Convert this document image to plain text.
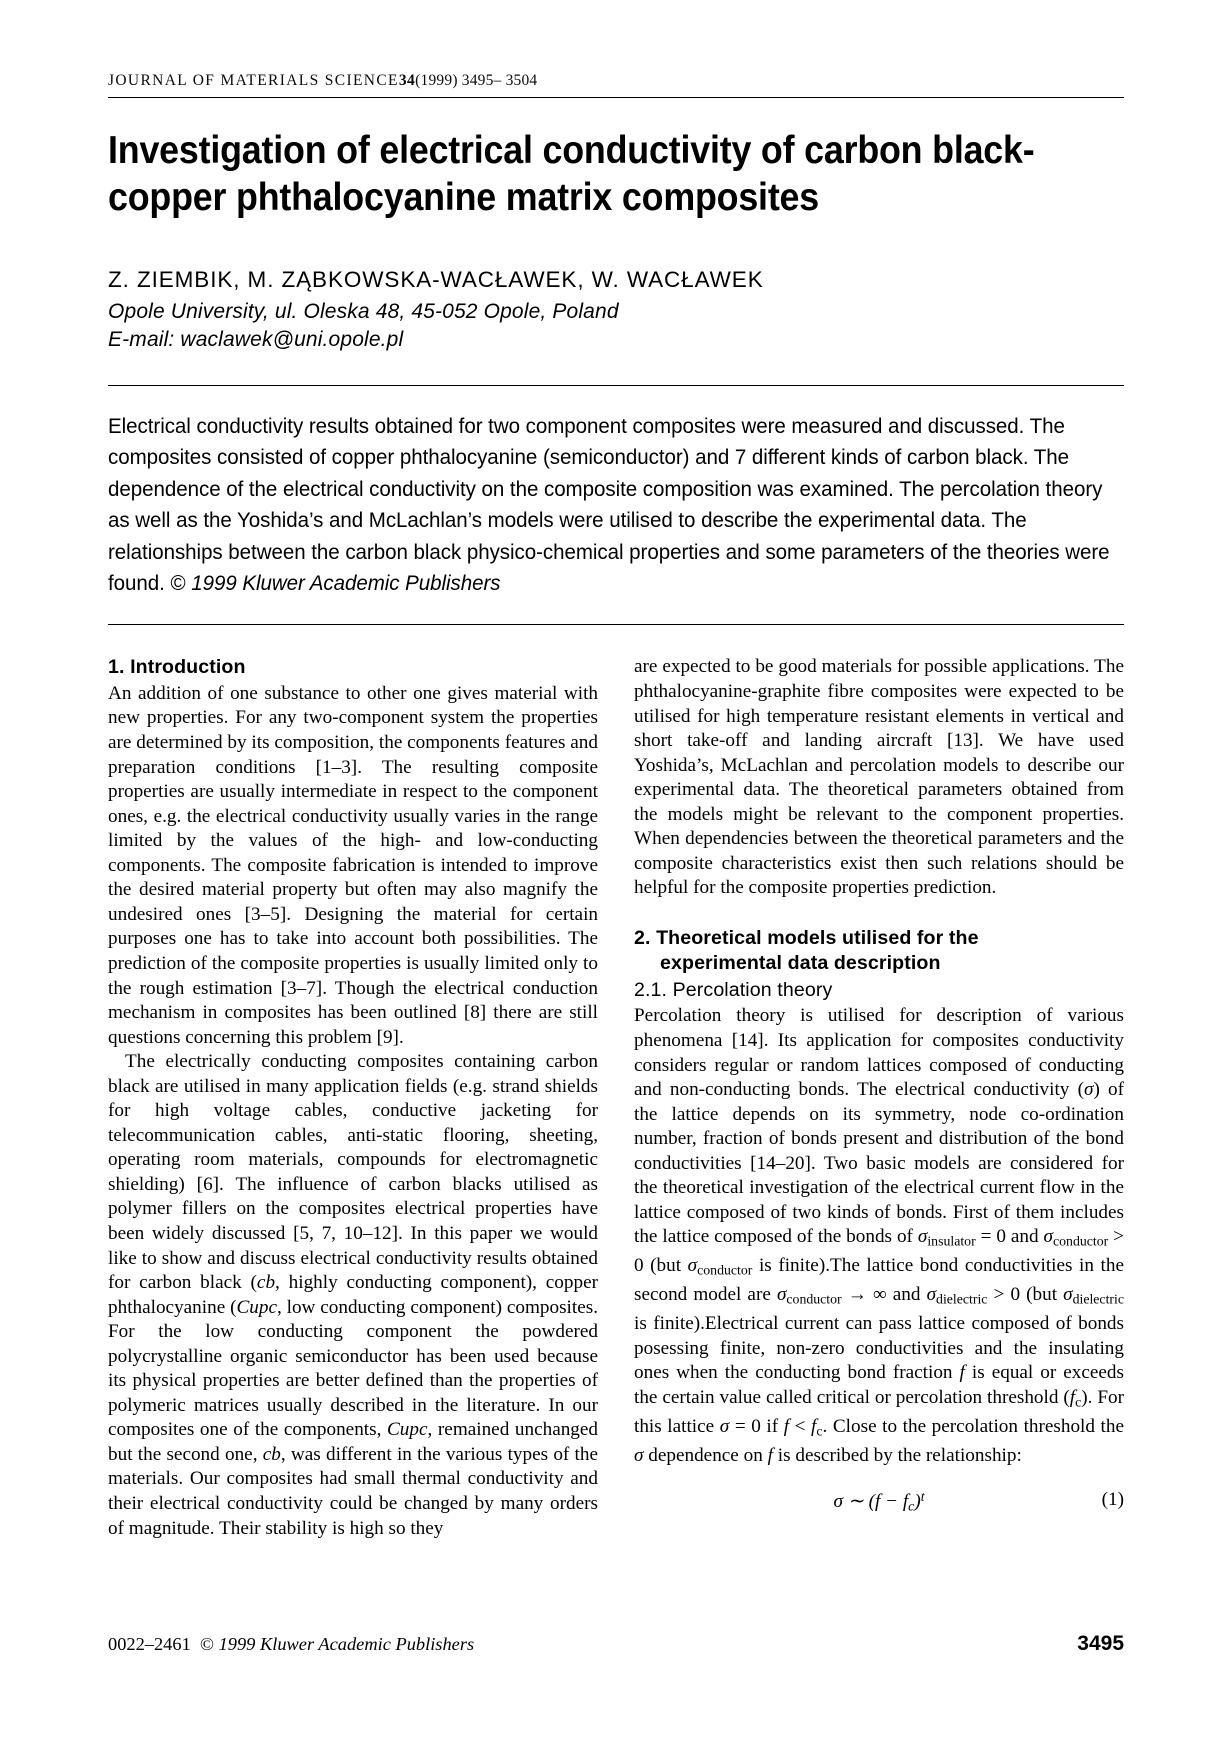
JOURNAL OF MATERIALS SCIENCE34(1999) 3495– 3504
Investigation of electrical conductivity of carbon black-copper phthalocyanine matrix composites
Z. ZIEMBIK, M. ZĄBKOWSKA-WACŁAWEK, W. WACŁAWEK
Opole University, ul. Oleska 48, 45-052 Opole, Poland
E-mail: waclawek@uni.opole.pl
Electrical conductivity results obtained for two component composites were measured and discussed. The composites consisted of copper phthalocyanine (semiconductor) and 7 different kinds of carbon black. The dependence of the electrical conductivity on the composite composition was examined. The percolation theory as well as the Yoshida’s and McLachlan’s models were utilised to describe the experimental data. The relationships between the carbon black physico-chemical properties and some parameters of the theories were found. © 1999 Kluwer Academic Publishers
1. Introduction

An addition of one substance to other one gives material with new properties. For any two-component system the properties are determined by its composition, the components features and preparation conditions [1–3]. The resulting composite properties are usually intermediate in respect to the component ones, e.g. the electrical conductivity usually varies in the range limited by the values of the high- and low-conducting components. The composite fabrication is intended to improve the desired material property but often may also magnify the undesired ones [3–5]. Designing the material for certain purposes one has to take into account both possibilities. The prediction of the composite properties is usually limited only to the rough estimation [3–7]. Though the electrical conduction mechanism in composites has been outlined [8] there are still questions concerning this problem [9].

The electrically conducting composites containing carbon black are utilised in many application fields (e.g. strand shields for high voltage cables, conductive jacketing for telecommunication cables, anti-static flooring, sheeting, operating room materials, compounds for electromagnetic shielding) [6]. The influence of carbon blacks utilised as polymer fillers on the composites electrical properties have been widely discussed [5, 7, 10–12]. In this paper we would like to show and discuss electrical conductivity results obtained for carbon black (cb, highly conducting component), copper phthalocyanine (Cupc, low conducting component) composites. For the low conducting component the powdered polycrystalline organic semiconductor has been used because its physical properties are better defined than the properties of polymeric matrices usually described in the literature. In our composites one of the components, Cupc, remained unchanged but the second one, cb, was different in the various types of the materials. Our composites had small thermal conductivity and their electrical conductivity could be changed by many orders of magnitude. Their stability is high so they

are expected to be good materials for possible applications. The phthalocyanine-graphite fibre composites were expected to be utilised for high temperature resistant elements in vertical and short take-off and landing aircraft [13]. We have used Yoshida’s, McLachlan and percolation models to describe our experimental data. The theoretical parameters obtained from the models might be relevant to the component properties. When dependencies between the theoretical parameters and the composite characteristics exist then such relations should be helpful for the composite properties prediction.

2. Theoretical models utilised for the
experimental data description
2.1. Percolation theory

Percolation theory is utilised for description of various phenomena [14]. Its application for composites conductivity considers regular or random lattices composed of conducting and non-conducting bonds. The electrical conductivity (σ) of the lattice depends on its symmetry, node co-ordination number, fraction of bonds present and distribution of the bond conductivities [14–20]. Two basic models are considered for the theoretical investigation of the electrical current flow in the lattice composed of two kinds of bonds. First of them includes the lattice composed of the bonds of $\sigma_{insulator} = 0$ and $\sigma_{conductor} > 0$ (but $\sigma_{conductor}$ is finite).The lattice bond conductivities in the second model are $\sigma_{conductor}$ → ∞ and $\sigma_{dielectric} > 0$ (but $\sigma_{dielectric}$ is finite).Electrical current can pass lattice composed of bonds posessing finite, non-zero conductivities and the insulating ones when the conducting bond fraction f is equal or exceeds the certain value called critical or percolation threshold $(f_c)$. For this lattice σ = 0 if $f < f_c$. Close to the percolation threshold the σ dependence on f is described by the relationship:

σ ∼ $(f - f_c)^t$	(1)
0022–2461 © 1999 Kluwer Academic Publishers	3495
